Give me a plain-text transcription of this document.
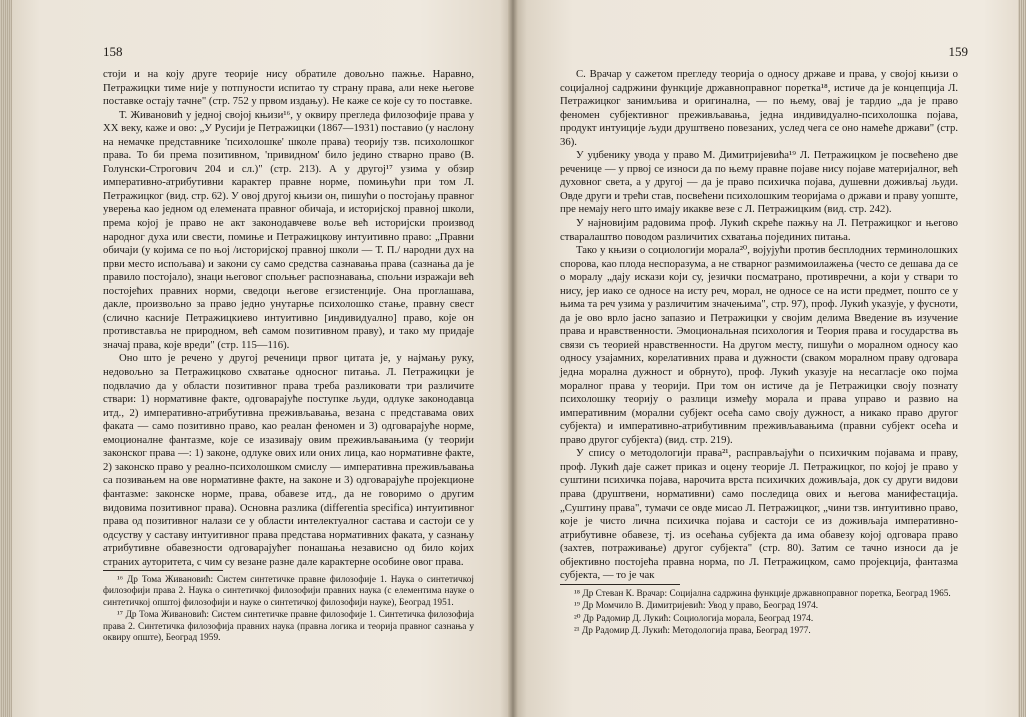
158

стоји и на коју друге теорије нису обратиле довољно пажње. Наравно, Петражицки тиме није у потпуности испитао ту страну права, али неке његове поставке остају тачне" (стр. 752 у првом издању). Не каже се које су то поставке.

Т. Живановић у једној својој књизи¹⁶, у оквиру прегледа филозофије права у XX веку, каже и ово: „У Русији је Петражицки (1867—1931) поставио (у наслону на немачке представнике 'психолошке' школе права) теорију тзв. психолошког права. То би према позитивном, 'привидном' било једино стварно право (В. Голунски-Строгович 204 и сл.)" (стр. 213). А у другој¹⁷ узима у обзир императивно-атрибутивни карактер правне норме, помињући при том Л. Петражицког (вид. стр. 62). У овој другој књизи он, пишући о постојању правног уверења као једном од елемената правног обичаја, и историјској правној школи, према којој је право не акт законодавчеве воље већ историјски производ народног духа или свести, помиње и Петражицкову интуитивно право: „Правни обичаји (у којима се по њој /историјској правној школи — Т. П./ народни дух на први место испољава) и закони су само средства сазнавања права (сазнања да је правило постојало), знаци његовог спољњег распознавања, спољни изражаји већ постојећих правних норми, сведоци његове егзистенције. Она проглашава, дакле, произвољно за право једно унутарње психолошко стање, правну свест (слично касније Петражицкиево интуитивно [индивидуално] право, које он противставља не природном, већ самом позитивном праву), и тако му придаје значај права, које вреди" (стр. 115—116).

Оно што је речено у другој реченици првог цитата је, у најмању руку, недовољно за Петражицково схватање односног питања. Л. Петражицки је подвлачио да у области позитивног права треба разликовати три различите ствари: 1) нормативне факте, одговарајуће поступке људи, одлуке законодавца итд., 2) императивно-атрибутивна преживљавања, везана с представама ових факата — само позитивно право, као реалан феномен и 3) одговарајуће норме, емоционалне фантазме, које се изазивају овим преживљавањима (у теорији законског права —: 1) законе, одлуке ових или оних лица, као нормативне факте, 2) законско право у реално-психолошком смислу — императивна преживљавања са позивањем на ове нормативне факте, на законе и 3) одговарајуће пројекционе фантазме: законске норме, права, обавезе итд., да не говоримо о другим видовима позитивног права). Основна разлика (differentia specifica) интуитивног права од позитивног налази се у области интелектуалног састава и састоји се у одсуству у саставу интуитивног права представа нормативних факата, у сазнању атрибутивне обавезности одговарајућег понашања независно од било којих страних ауторитета, с чим су везане разне дале карактерне особине овог права.

¹⁶ Др Тома Живановић: Систем синтетичке правне филозофије 1. Наука о синтетичкој филозофији права 2. Наука о синтетичкој филозофији правних наука (с елементима науке о синтетичкој општој филозофији и науке о синтетичкој филозофији науке), Београд 1951.

¹⁷ Др Тома Живановић: Систем синтетичке правне филозофије 1. Синтетичка филозофија права 2. Синтетичка филозофија правних наука (правна логика и теорија правног сазнања у оквиру опште), Београд 1959.

159

С. Врачар у сажетом прегледу теорија о односу државе и права, у својој књизи о социјалној садржини функције државноправног поретка¹⁸, истиче да је концепција Л. Петражицког занимљива и оригинална, — по њему, овај је тардио „да је право феномен субјективног преживљавања, једна индивидуално-психолошка појава, продукт интуиције људи друштвено повезаних, услед чега се оно намеће држави" (стр. 36).

У уџбенику увода у право М. Димитријевића¹⁹ Л. Петражицком је посвећено две реченице — у првој се износи да по њему правне појаве нису појаве материјалног, већ духовног света, а у другој — да је право психичка појава, душевни доживљај људи. Овде други и трећи став, посвећени психолошким теоријама о држави и праву уопште, пре немају него што имају икакве везе с Л. Петражицким (вид. стр. 242).

У најновијим радовима проф. Лукић скреће пажњу на Л. Петражицког и његово стваралаштво поводом различитих схватања појединих питања.

Тако у књизи о социологији морала²⁰, војујући против бесплодних терминолошких спорова, као плода неспоразума, а не стварног размимоилажења (често се дешава да се о моралу „дају искази који су, језички посматрано, противречни, а који у ствари то нису, јер иако се односе на исту реч, морал, не односе се на исти предмет, пошто се у њима та реч узима у различитим значењима", стр. 97), проф. Лукић указује, у фусноти, да је ово врло јасно запазио и Петражицки у својим делима Введение въ изучение права и нравственности. Эмоциональная психология и Теория права и государства въ связи съ теорией нравственности. На другом месту, пишући о моралном односу као односу узајамних, корелативних права и дужности (сваком моралном праву одговара једна морална дужност и обрнуто), проф. Лукић указује на несагласје око појма моралног права у теорији. При том он истиче да је Петражицки своју познату психолошку теорију о разлици између морала и права управо и развио на императивним (морални субјект осећа само своју дужност, а никако право другог субјекта) и императивно-атрибутивним преживљавањима (правни субјект осећа и право другог субјекта) (вид. стр. 219).

У спису о методологији права²¹, расправљајући о психичким појавама и праву, проф. Лукић даје сажет приказ и оцену теорије Л. Петражицког, по којој је право у суштини психичка појава, нарочита врста психичких доживљаја, док су други видови права (друштвени, нормативни) само последица ових и његова манифестација. „Суштину права", тумачи се овде мисао Л. Петражицког, „чини тзв. интуитивно право, које је чисто лична психичка појава и састоји се из доживљаја императивно-атрибутивне обавезе, тј. из осећања субјекта да има обавезу којој одговара право (захтев, потраживање) другог субјекта" (стр. 80). Затим се тачно износи да је објективно постојећа правна норма, по Л. Петражицком, само пројекција, фантазма субјекта, — то је чак

¹⁸ Др Стеван К. Врачар: Социјална садржина функције државноправног поретка, Београд 1965.

¹⁹ Др Момчило В. Димитријевић: Увод у право, Београд 1974.

²⁰ Др Радомир Д. Лукић: Социологија морала, Београд 1974.

²¹ Др Радомир Д. Лукић: Методологија права, Београд 1977.
